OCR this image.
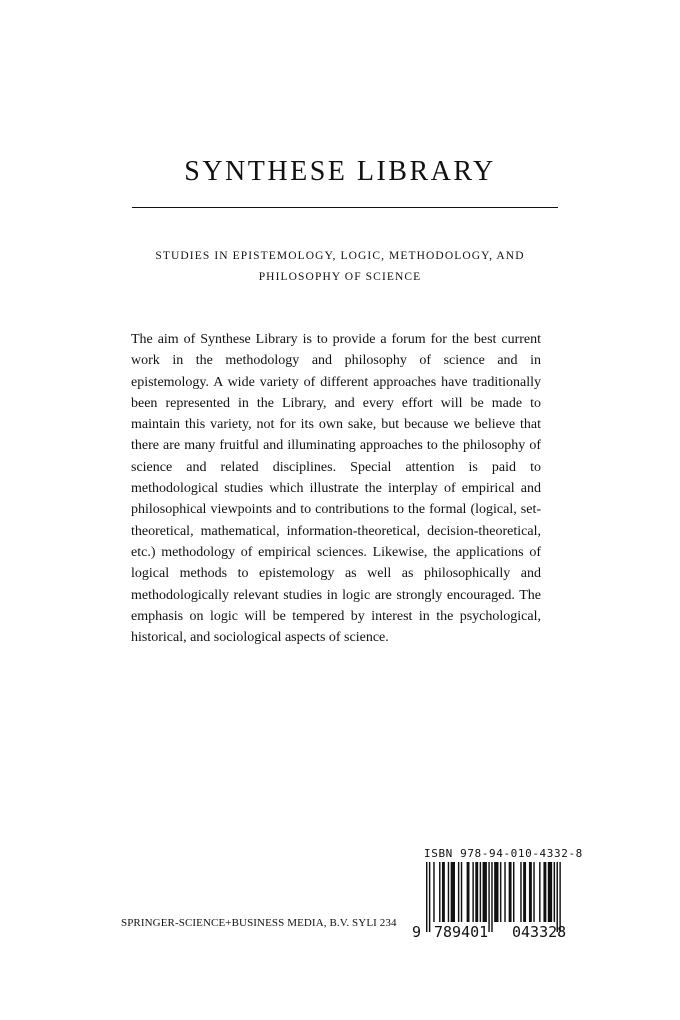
SYNTHESE LIBRARY
STUDIES IN EPISTEMOLOGY, LOGIC, METHODOLOGY, AND
PHILOSOPHY OF SCIENCE
The aim of Synthese Library is to provide a forum for the best current work in the methodology and philosophy of science and in epistemology. A wide variety of different approaches have traditionally been represented in the Library, and every effort will be made to maintain this variety, not for its own sake, but because we believe that there are many fruitful and illuminating approaches to the philosophy of science and related disciplines. Special attention is paid to methodological studies which illustrate the interplay of empirical and philosophical viewpoints and to contributions to the formal (logical, set-theoretical, mathematical, information-theoretical, decision-theoretical, etc.) methodology of empirical sciences. Likewise, the applications of logical methods to epistemology as well as philosophically and methodologically relevant studies in logic are strongly encouraged. The emphasis on logic will be tempered by interest in the psychological, historical, and sociological aspects of science.
ISBN 978-94-010-4332-8
9 789401 043328
SPRINGER-SCIENCE+BUSINESS MEDIA, B.V. SYLI 234
